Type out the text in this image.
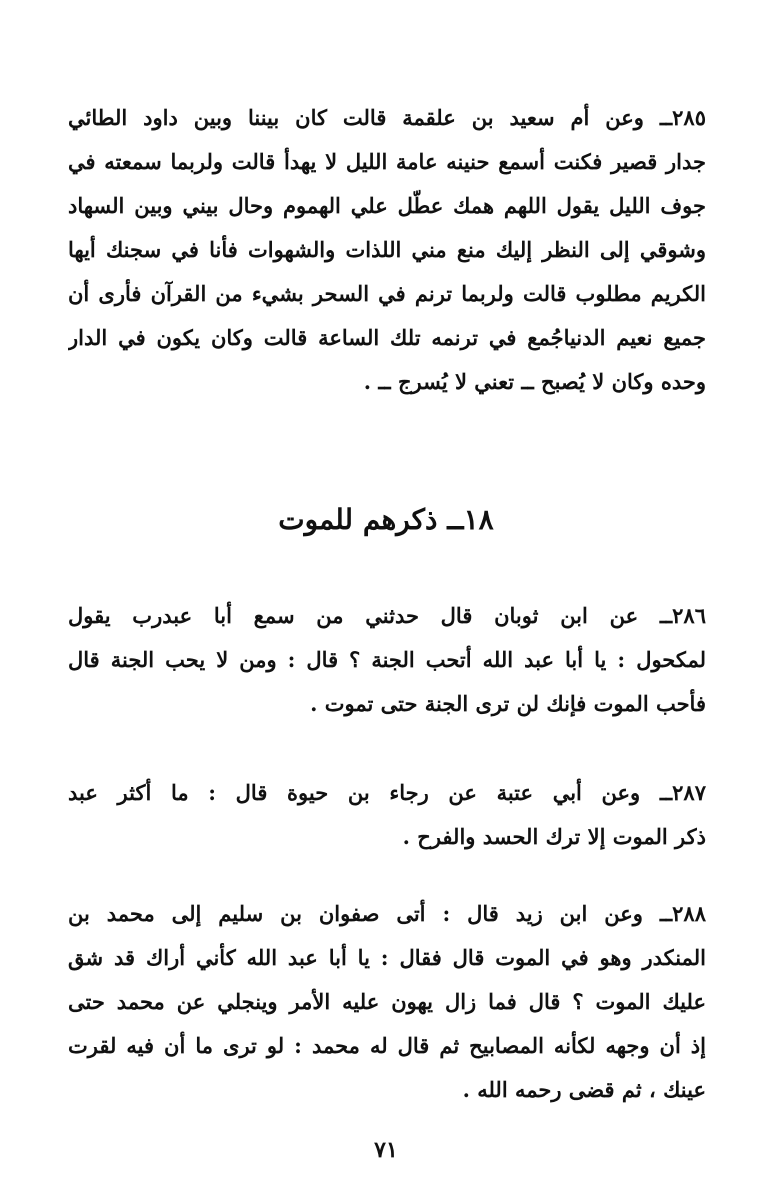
٢٨٥ــ وعن أم سعيد بن علقمة قالت كان بيننا وبين داود الطائي
جدار قصير فكنت أسمع حنينه عامة الليل لا يهدأ قالت ولربما سمعته في
جوف الليل يقول اللهم همك عطّل علي الهموم وحال بيني وبين السهاد
وشوقي إلى النظر إليك منع مني اللذات والشهوات فأنا في سجنك أيها
الكريم مطلوب قالت ولربما ترنم في السحر بشيء من القرآن فأرى أن
جميع نعيم الدنياجُمع في ترنمه تلك الساعة قالت وكان يكون في الدار
وحده وكان لا يُصبح ــ تعني لا يُسرج ــ .
١٨ــ ذكرهم للموت
٢٨٦ــ عن ابن ثوبان قال حدثني من سمع أبا عبدرب يقول
لمكحول : يا أبا عبد الله أتحب الجنة ؟ قال : ومن لا يحب الجنة قال
فأحب الموت فإنك لن ترى الجنة حتى تموت .
٢٨٧ــ وعن أبي عتبة عن رجاء بن حيوة قال : ما أكثر عبد
ذكر الموت إلا ترك الحسد والفرح .
٢٨٨ــ وعن ابن زيد قال : أتى صفوان بن سليم إلى محمد بن
المنكدر وهو في الموت قال فقال : يا أبا عبد الله كأني أراك قد شق
عليك الموت ؟ قال فما زال يهون عليه الأمر وينجلي عن محمد حتى
إذ أن وجهه لكأنه المصابيح ثم قال له محمد : لو ترى ما أن فيه لقرت
عينك ، ثم قضى رحمه الله .
٧١
